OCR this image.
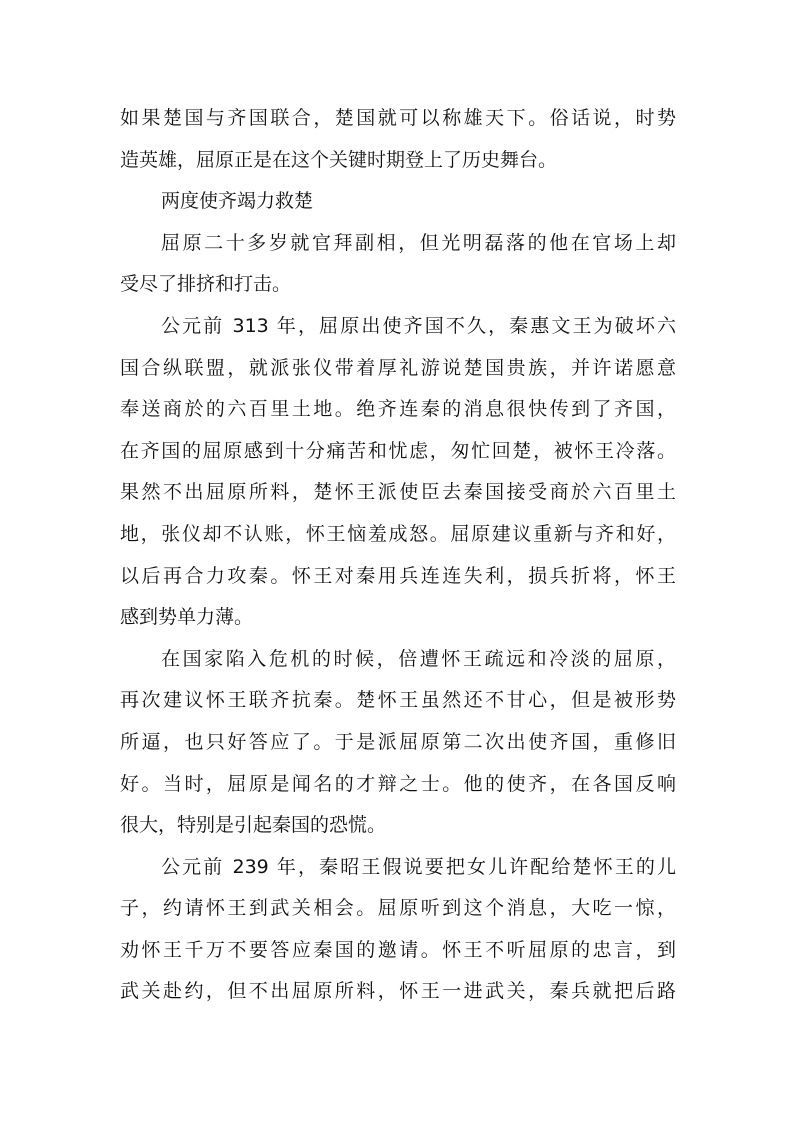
如果楚国与齐国联合，楚国就可以称雄天下。俗话说，时势
造英雄，屈原正是在这个关键时期登上了历史舞台。
两度使齐竭力救楚
屈原二十多岁就官拜副相，但光明磊落的他在官场上却
受尽了排挤和打击。
公元前 313 年，屈原出使齐国不久，秦惠文王为破坏六
国合纵联盟，就派张仪带着厚礼游说楚国贵族，并许诺愿意
奉送商於的六百里土地。绝齐连秦的消息很快传到了齐国，
在齐国的屈原感到十分痛苦和忧虑，匆忙回楚，被怀王冷落。
果然不出屈原所料，楚怀王派使臣去秦国接受商於六百里土
地，张仪却不认账，怀王恼羞成怒。屈原建议重新与齐和好，
以后再合力攻秦。怀王对秦用兵连连失利，损兵折将，怀王
感到势单力薄。
在国家陷入危机的时候，倍遭怀王疏远和冷淡的屈原，
再次建议怀王联齐抗秦。楚怀王虽然还不甘心，但是被形势
所逼，也只好答应了。于是派屈原第二次出使齐国，重修旧
好。当时，屈原是闻名的才辩之士。他的使齐，在各国反响
很大，特别是引起秦国的恐慌。
公元前 239 年，秦昭王假说要把女儿许配给楚怀王的儿
子，约请怀王到武关相会。屈原听到这个消息，大吃一惊，
劝怀王千万不要答应秦国的邀请。怀王不听屈原的忠言，到
武关赴约，但不出屈原所料，怀王一进武关，秦兵就把后路
